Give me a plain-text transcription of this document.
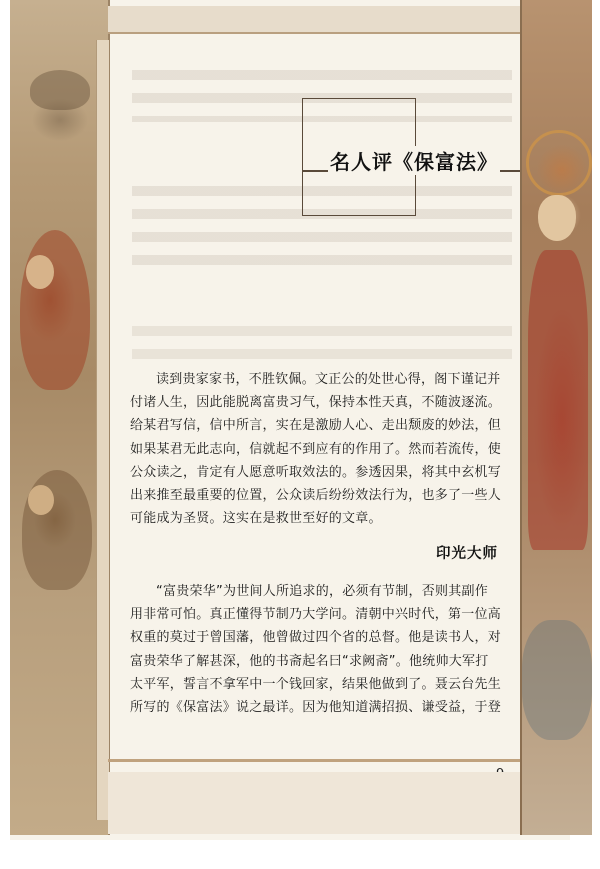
名人评《保富法》
读到贵家家书，不胜钦佩。文正公的处世心得，阁下谨记并
付诸人生，因此能脱离富贵习气，保持本性天真，不随波逐流。
给某君写信，信中所言，实在是激励人心、走出颓废的妙法，但
如果某君无此志向，信就起不到应有的作用了。然而若流传，使
公众读之，肯定有人愿意听取效法的。参透因果，将其中玄机写
出来推至最重要的位置，公众读后纷纷效法行为，也多了一些人
可能成为圣贤。这实在是救世至好的文章。
印光大师
“富贵荣华”为世间人所追求的，必须有节制，否则其副作
用非常可怕。真正懂得节制乃大学问。清朝中兴时代，第一位高
权重的莫过于曾国藩，他曾做过四个省的总督。他是读书人，对
富贵荣华了解甚深，他的书斋起名曰“求阙斋”。他统帅大军打
太平军，誓言不拿军中一个钱回家，结果他做到了。聂云台先生
所写的《保富法》说之最详。因为他知道满招损、谦受益，于登
